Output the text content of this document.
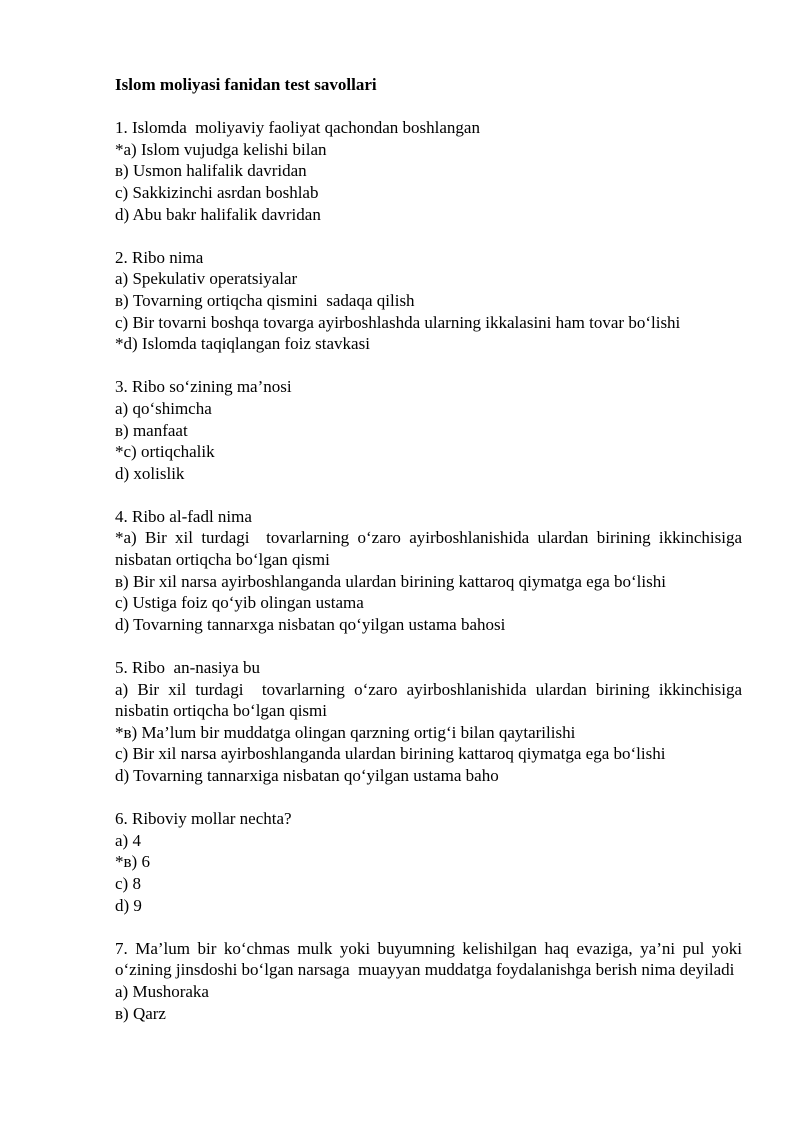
Islom moliyasi fanidan test savollari
1. Islomda  moliyaviy faoliyat qachondan boshlangan
*a) Islom vujudga kelishi bilan
в) Usmon halifalik davridan
c) Sakkizinchi asrdan boshlab
d) Abu bakr halifalik davridan
2. Ribo nima
a) Spekulativ operatsiyalar
в) Tovarning ortiqcha qismini  sadaqa qilish
c) Bir tovarni boshqa tovarga ayirboshlashda ularning ikkalasini ham tovar bo‘lishi
*d) Islomda taqiqlangan foiz stavkasi
3. Ribo so‘zining ma’nosi
a) qo‘shimcha
в) manfaat
*c) ortiqchalik
d) xolislik
4. Ribo al-fadl nima
*a) Bir xil turdagi  tovarlarning o‘zaro ayirboshlanishida ulardan birining ikkinchisiga nisbatan ortiqcha bo‘lgan qismi
в) Bir xil narsa ayirboshlanganda ulardan birining kattaroq qiymatga ega bo‘lishi
c) Ustiga foiz qo‘yib olingan ustama
d) Tovarning tannarxga nisbatan qo‘yilgan ustama bahosi
5. Ribo  an-nasiya bu
a) Bir xil turdagi  tovarlarning o‘zaro ayirboshlanishida ulardan birining ikkinchisiga nisbatin ortiqcha bo‘lgan qismi
*в) Ma’lum bir muddatga olingan qarzning ortig‘i bilan qaytarilishi
c) Bir xil narsa ayirboshlanganda ulardan birining kattaroq qiymatga ega bo‘lishi
d) Tovarning tannarxiga nisbatan qo‘yilgan ustama baho
6. Riboviy mollar nechta?
a) 4
*в) 6
c) 8
d) 9
7. Ma’lum bir ko‘chmas mulk yoki buyumning kelishilgan haq evaziga, ya’ni pul yoki o‘zining jinsdoshi bo‘lgan narsaga  muayyan muddatga foydalanishga berish nima deyiladi
a) Mushoraka
в) Qarz
